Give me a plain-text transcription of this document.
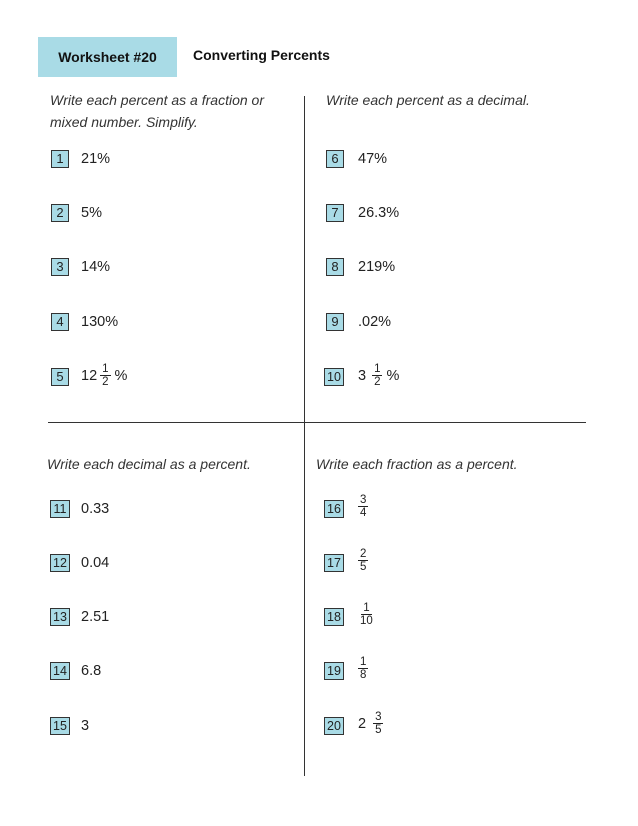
Worksheet #20	Converting Percents
Write each percent as a fraction or
mixed number. Simplify.
1	21%
2	5%
3	14%
4	130%
5	$12 \frac{1}{2}$ %
Write each percent as a decimal.
6	47%
7	26.3%
8	219%
9	.02%
10 $3 \frac{1}{2}$ %
Write each decimal as a percent.
11 0.33
12 0.04
13 2.51
14 6.8
15 3
Write each fraction as a percent.
$16 \frac{3}{4}$
$17 \frac{2}{5}$
$18 \frac{1}{10}$
$19 \frac{1}{8}$
20 $2 \frac{3}{5}$
